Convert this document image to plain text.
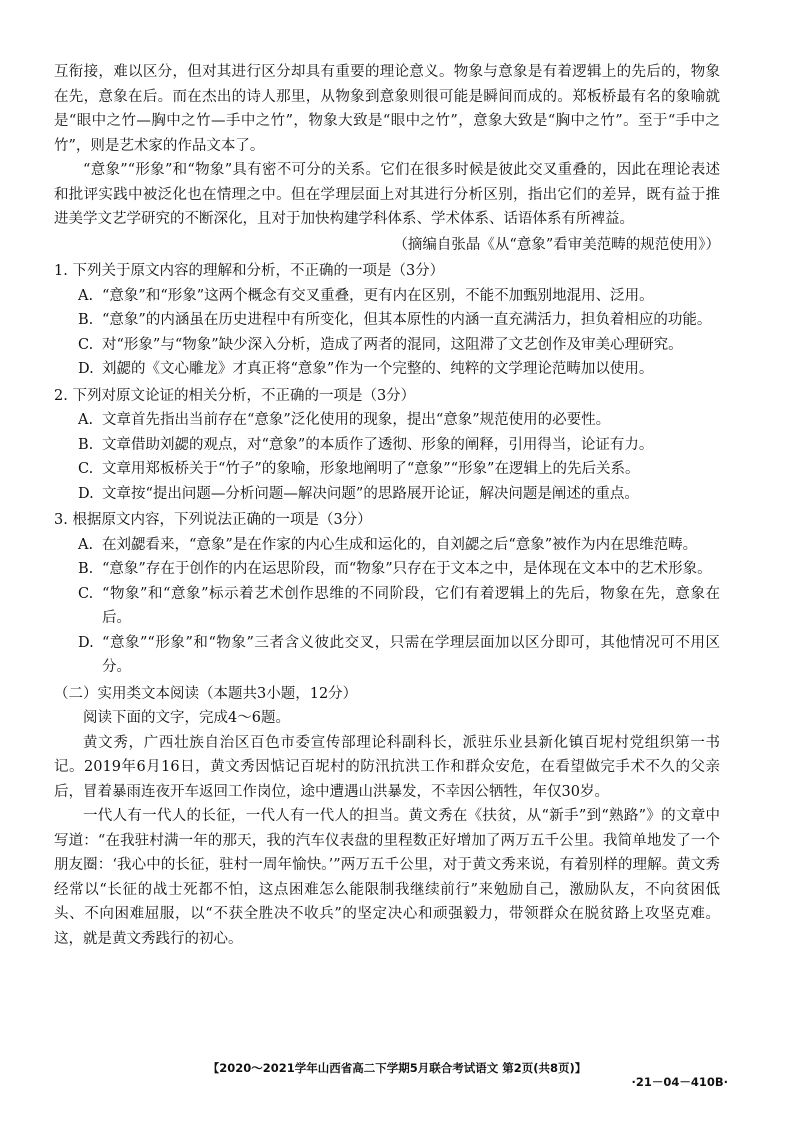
互衔接，难以区分，但对其进行区分却具有重要的理论意义。物象与意象是有着逻辑上的先后的，物象在先，意象在后。而在杰出的诗人那里，从物象到意象则很可能是瞬间而成的。郑板桥最有名的象喻就是“眼中之竹—胸中之竹—手中之竹”，物象大致是“眼中之竹”，意象大致是“胸中之竹”。至于“手中之竹”，则是艺术家的作品文本了。

“意象”“形象”和“物象”具有密不可分的关系。它们在很多时候是彼此交叉重叠的，因此在理论表述和批评实践中被泛化也在情理之中。但在学理层面上对其进行分析区别，指出它们的差异，既有益于推进美学文艺学研究的不断深化，且对于加快构建学科体系、学术体系、话语体系有所裨益。

（摘编自张晶《从“意象”看审美范畴的规范使用》）

1. 下列关于原文内容的理解和分析，不正确的一项是（3分）
A. “意象”和“形象”这两个概念有交叉重叠，更有内在区别，不能不加甄别地混用、泛用。
B. “意象”的内涵虽在历史进程中有所变化，但其本原性的内涵一直充满活力，担负着相应的功能。
C. 对“形象”与“物象”缺少深入分析，造成了两者的混同，这阻滞了文艺创作及审美心理研究。
D. 刘勰的《文心雕龙》才真正将“意象”作为一个完整的、纯粹的文学理论范畴加以使用。
2. 下列对原文论证的相关分析，不正确的一项是（3分）
A. 文章首先指出当前存在“意象”泛化使用的现象，提出“意象”规范使用的必要性。
B. 文章借助刘勰的观点，对“意象”的本质作了透彻、形象的阐释，引用得当，论证有力。
C. 文章用郑板桥关于“竹子”的象喻，形象地阐明了“意象”“形象”在逻辑上的先后关系。
D. 文章按“提出问题—分析问题—解决问题”的思路展开论证，解决问题是阐述的重点。
3. 根据原文内容，下列说法正确的一项是（3分）
A. 在刘勰看来，“意象”是在作家的内心生成和运化的，自刘勰之后“意象”被作为内在思维范畴。
B. “意象”存在于创作的内在运思阶段，而“物象”只存在于文本之中，是体现在文本中的艺术形象。
C. “物象”和“意象”标示着艺术创作思维的不同阶段，它们有着逻辑上的先后，物象在先，意象在后。
D. “意象”“形象”和“物象”三者含义彼此交叉，只需在学理层面加以区分即可，其他情况可不用区分。

（二）实用类文本阅读（本题共3小题，12分）

阅读下面的文字，完成4～6题。

黄文秀，广西壮族自治区百色市委宣传部理论科副科长，派驻乐业县新化镇百坭村党组织第一书记。2019年6月16日，黄文秀因惦记百坭村的防汛抗洪工作和群众安危，在看望做完手术不久的父亲后，冒着暴雨连夜开车返回工作岗位，途中遭遇山洪暴发，不幸因公牺牲，年仅30岁。

一代人有一代人的长征，一代人有一代人的担当。黄文秀在《扶贫，从“新手”到“熟路”》的文章中写道：“在我驻村满一年的那天，我的汽车仪表盘的里程数正好增加了两万五千公里。我简单地发了一个朋友圈：‘我心中的长征，驻村一周年愉快。’”两万五千公里，对于黄文秀来说，有着别样的理解。黄文秀经常以“长征的战士死都不怕，这点困难怎么能限制我继续前行”来勉励自己，激励队友，不向贫困低头、不向困难屈服，以“不获全胜决不收兵”的坚定决心和顽强毅力，带领群众在脱贫路上攻坚克难。这，就是黄文秀践行的初心。

【2020～2021学年山西省高二下学期5月联合考试语文 第2页(共8页)】
·21－04－410B·
